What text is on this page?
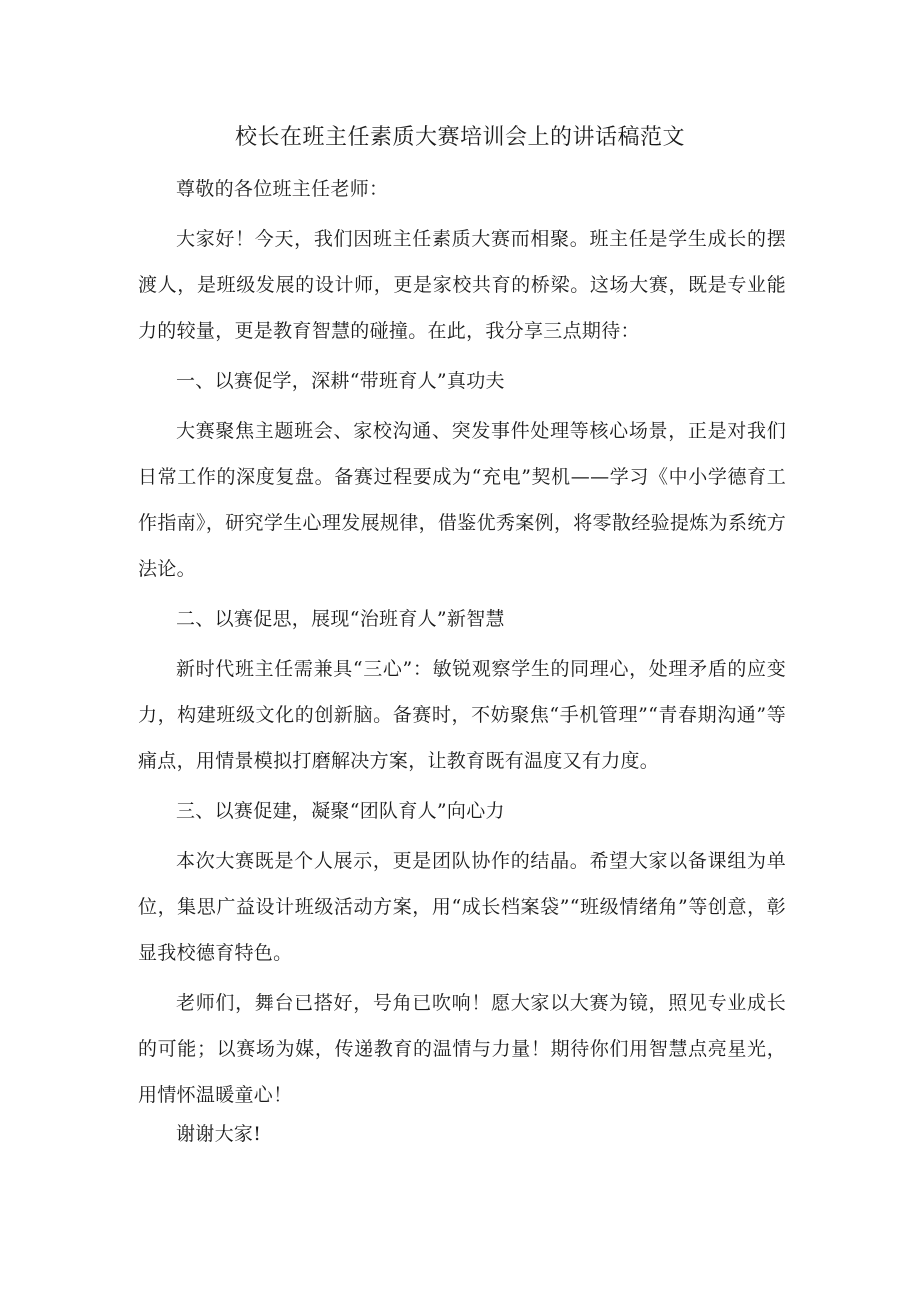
校长在班主任素质大赛培训会上的讲话稿范文

尊敬的各位班主任老师：

大家好！今天，我们因班主任素质大赛而相聚。班主任是学生成长的摆渡人，是班级发展的设计师，更是家校共育的桥梁。这场大赛，既是专业能力的较量，更是教育智慧的碰撞。在此，我分享三点期待：

一、以赛促学，深耕“带班育人”真功夫

大赛聚焦主题班会、家校沟通、突发事件处理等核心场景，正是对我们日常工作的深度复盘。备赛过程要成为“充电”契机——学习《中小学德育工作指南》，研究学生心理发展规律，借鉴优秀案例，将零散经验提炼为系统方法论。

二、以赛促思，展现“治班育人”新智慧

新时代班主任需兼具“三心”：敏锐观察学生的同理心，处理矛盾的应变力，构建班级文化的创新脑。备赛时，不妨聚焦“手机管理”“青春期沟通”等痛点，用情景模拟打磨解决方案，让教育既有温度又有力度。

三、以赛促建，凝聚“团队育人”向心力

本次大赛既是个人展示，更是团队协作的结晶。希望大家以备课组为单位，集思广益设计班级活动方案，用“成长档案袋”“班级情绪角”等创意，彰显我校德育特色。

老师们，舞台已搭好，号角已吹响！愿大家以大赛为镜，照见专业成长的可能；以赛场为媒，传递教育的温情与力量！期待你们用智慧点亮星光，用情怀温暖童心！

谢谢大家!
